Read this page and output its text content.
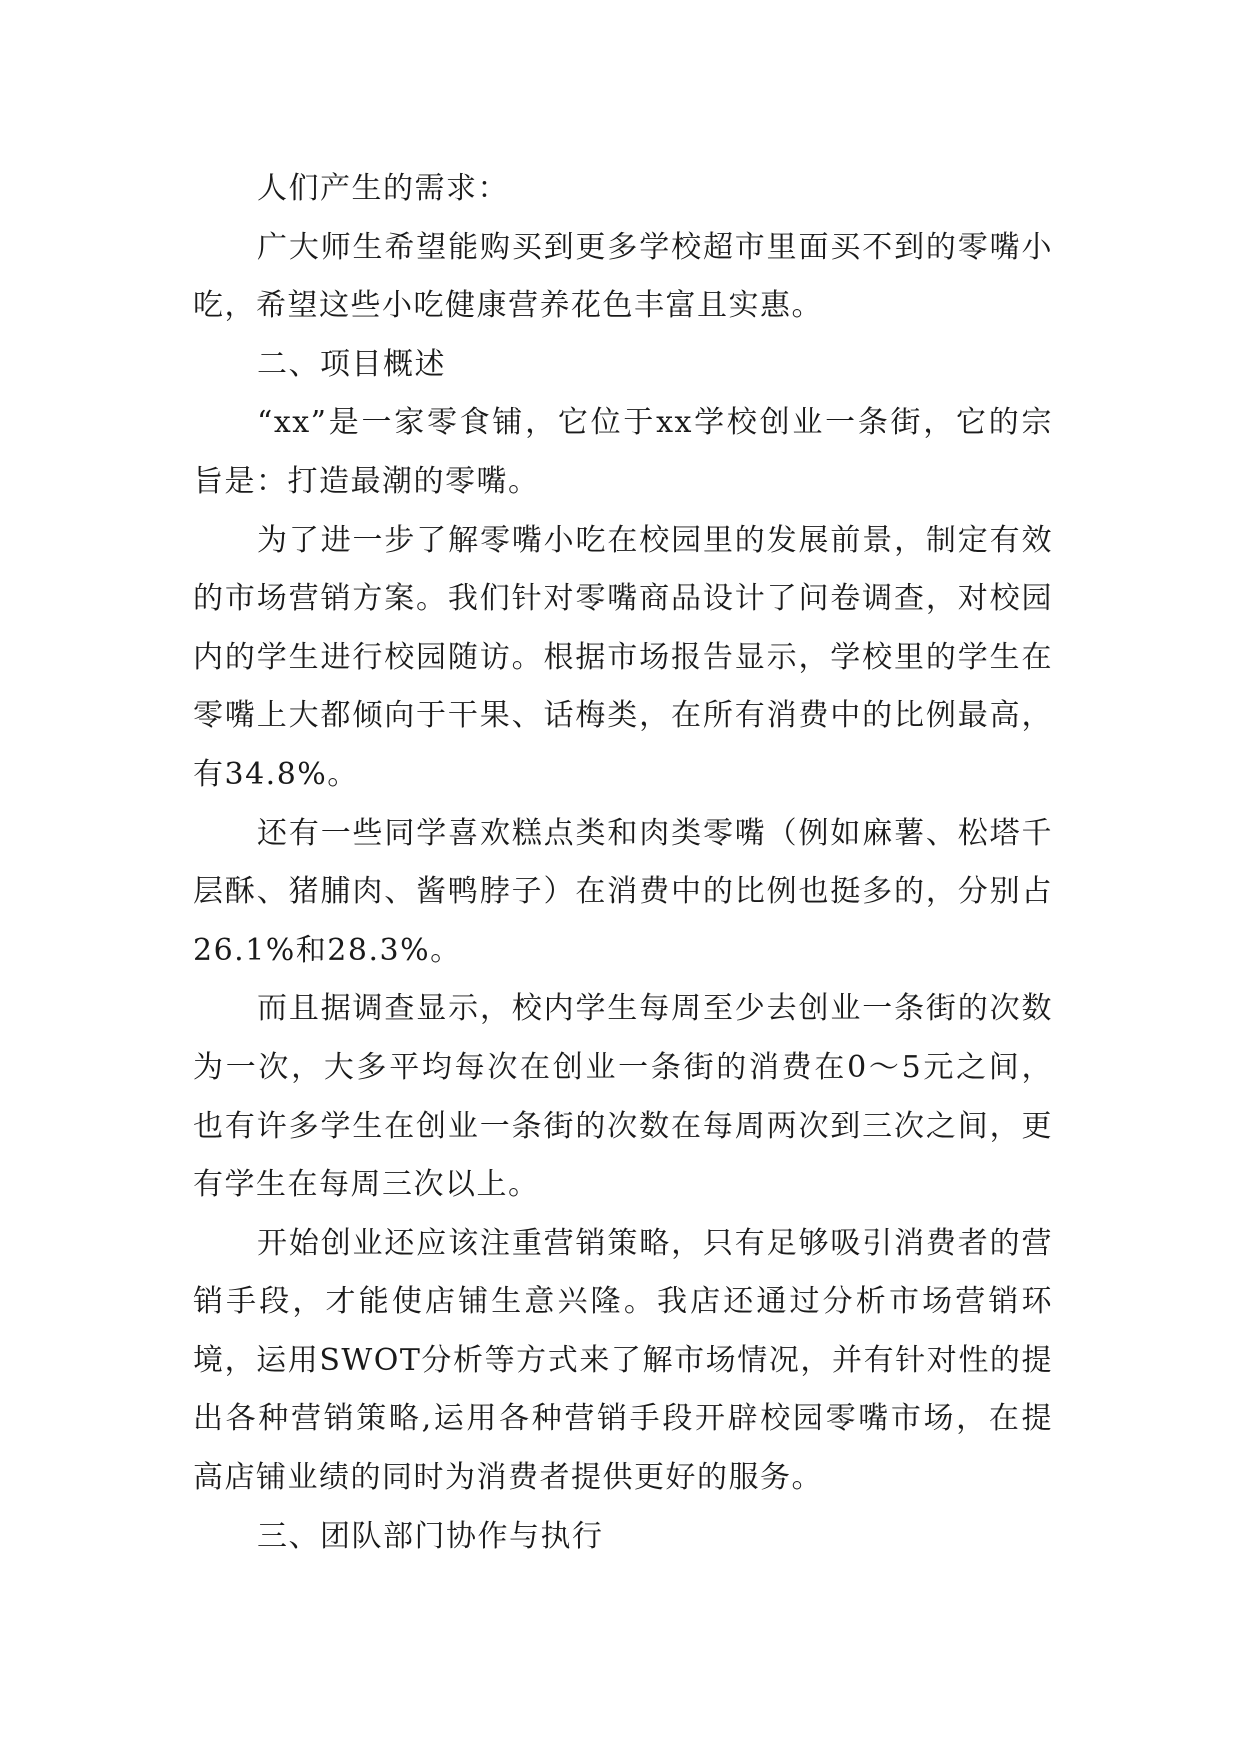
人们产生的需求：

广大师生希望能购买到更多学校超市里面买不到的零嘴小吃，希望这些小吃健康营养花色丰富且实惠。

二、项目概述

“xx”是一家零食铺，它位于xx学校创业一条街，它的宗旨是：打造最潮的零嘴。

为了进一步了解零嘴小吃在校园里的发展前景，制定有效的市场营销方案。我们针对零嘴商品设计了问卷调查，对校园内的学生进行校园随访。根据市场报告显示，学校里的学生在零嘴上大都倾向于干果、话梅类，在所有消费中的比例最高，有34.8%。

还有一些同学喜欢糕点类和肉类零嘴（例如麻薯、松塔千层酥、猪脯肉、酱鸭脖子）在消费中的比例也挺多的，分别占26.1%和28.3%。

而且据调查显示，校内学生每周至少去创业一条街的次数为一次，大多平均每次在创业一条街的消费在0～5元之间，也有许多学生在创业一条街的次数在每周两次到三次之间，更有学生在每周三次以上。

开始创业还应该注重营销策略，只有足够吸引消费者的营销手段，才能使店铺生意兴隆。我店还通过分析市场营销环境，运用SWOT分析等方式来了解市场情况，并有针对性的提出各种营销策略,运用各种营销手段开辟校园零嘴市场，在提高店铺业绩的同时为消费者提供更好的服务。

三、团队部门协作与执行
